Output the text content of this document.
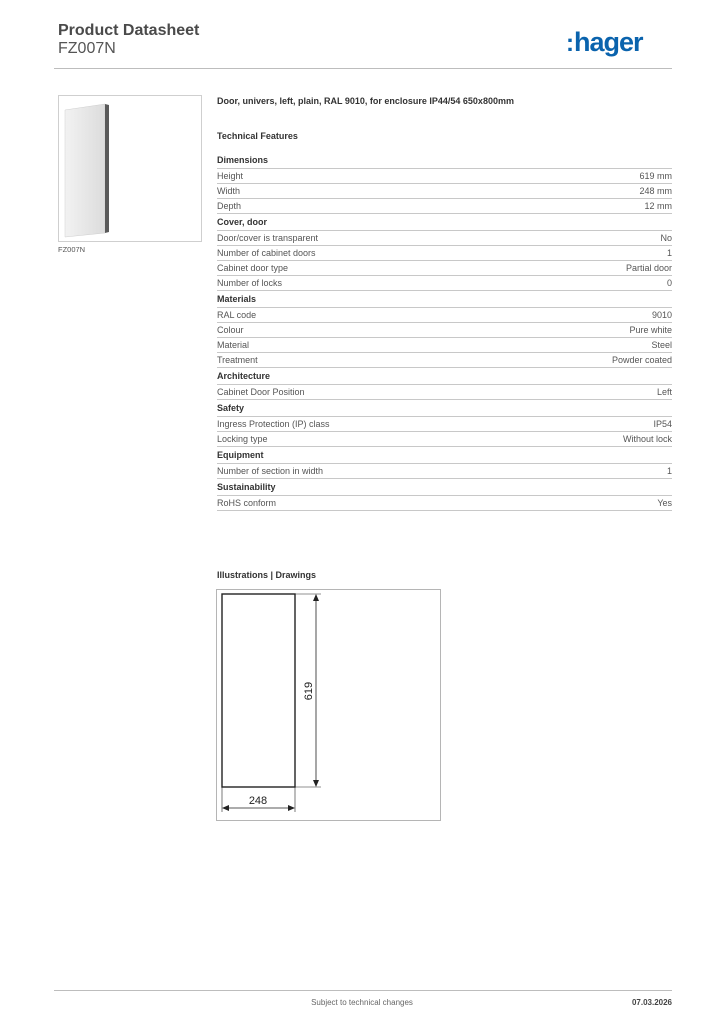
Product Datasheet
FZ007N	:hager
FZ007N
Door, univers, left, plain, RAL 9010, for enclosure IP44/54 650x800mm
Technical Features
Dimensions
Height	619 mm
Width	248 mm
Depth	12 mm
Cover, door
Door/cover is transparent	No
Number of cabinet doors	1
Cabinet door type	Partial door
Number of locks	0
Materials
RAL code	9010
Colour	Pure white
Material	Steel
Treatment	Powder coated
Architecture
Cabinet Door Position	Left
Safety
Ingress Protection (IP) class	IP54
Locking type	Without lock
Equipment
Number of section in width	1
Sustainability
RoHS conform	Yes
Illustrations | Drawings
619
248
Subject to technical changes	07.03.2026
